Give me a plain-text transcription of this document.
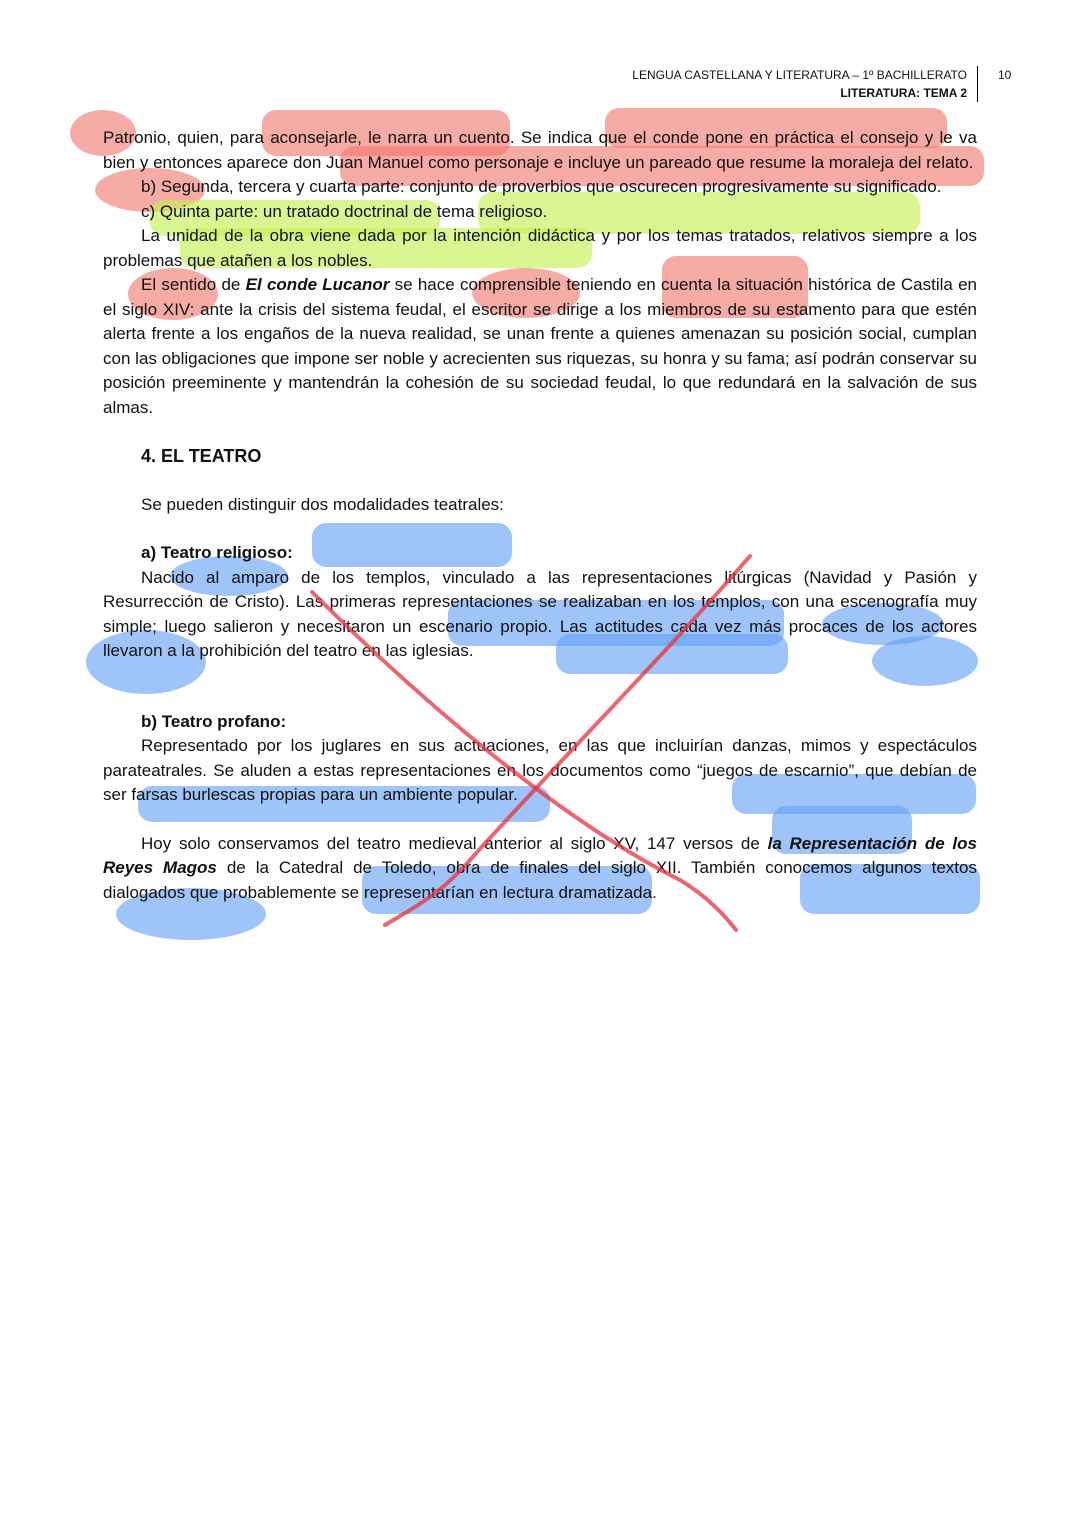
LENGUA CASTELLANA Y LITERATURA – 1º BACHILLERATO
LITERATURA: TEMA 2
10

Patronio, quien, para aconsejarle, le narra un cuento. Se indica que el conde pone en práctica el consejo y le va bien y entonces aparece don Juan Manuel como personaje e incluye un pareado que resume la moraleja del relato.

b) Segunda, tercera y cuarta parte: conjunto de proverbios que oscurecen progresivamente su significado.

c) Quinta parte: un tratado doctrinal de tema religioso.

La unidad de la obra viene dada por la intención didáctica y por los temas tratados, relativos siempre a los problemas que atañen a los nobles.

El sentido de El conde Lucanor se hace comprensible teniendo en cuenta la situación histórica de Castila en el siglo XIV: ante la crisis del sistema feudal, el escritor se dirige a los miembros de su estamento para que estén alerta frente a los engaños de la nueva realidad, se unan frente a quienes amenazan su posición social, cumplan con las obligaciones que impone ser noble y acrecienten sus riquezas, su honra y su fama; así podrán conservar su posición preeminente y mantendrán la cohesión de su sociedad feudal, lo que redundará en la salvación de sus almas.

4. EL TEATRO

Se pueden distinguir dos modalidades teatrales:

a) Teatro religioso:

Nacido al amparo de los templos, vinculado a las representaciones litúrgicas (Navidad y Pasión y Resurrección de Cristo). Las primeras representaciones se realizaban en los templos, con una escenografía muy simple; luego salieron y necesitaron un escenario propio. Las actitudes cada vez más procaces de los actores llevaron a la prohibición del teatro en las iglesias.

b) Teatro profano:

Representado por los juglares en sus actuaciones, en las que incluirían danzas, mimos y espectáculos parateatrales. Se aluden a estas representaciones en los documentos como “juegos de escarnio”, que debían de ser farsas burlescas propias para un ambiente popular.

Hoy solo conservamos del teatro medieval anterior al siglo XV, 147 versos de la Representación de los Reyes Magos de la Catedral de Toledo, obra de finales del siglo XII. También conocemos algunos textos dialogados que probablemente se representarían en lectura dramatizada.
